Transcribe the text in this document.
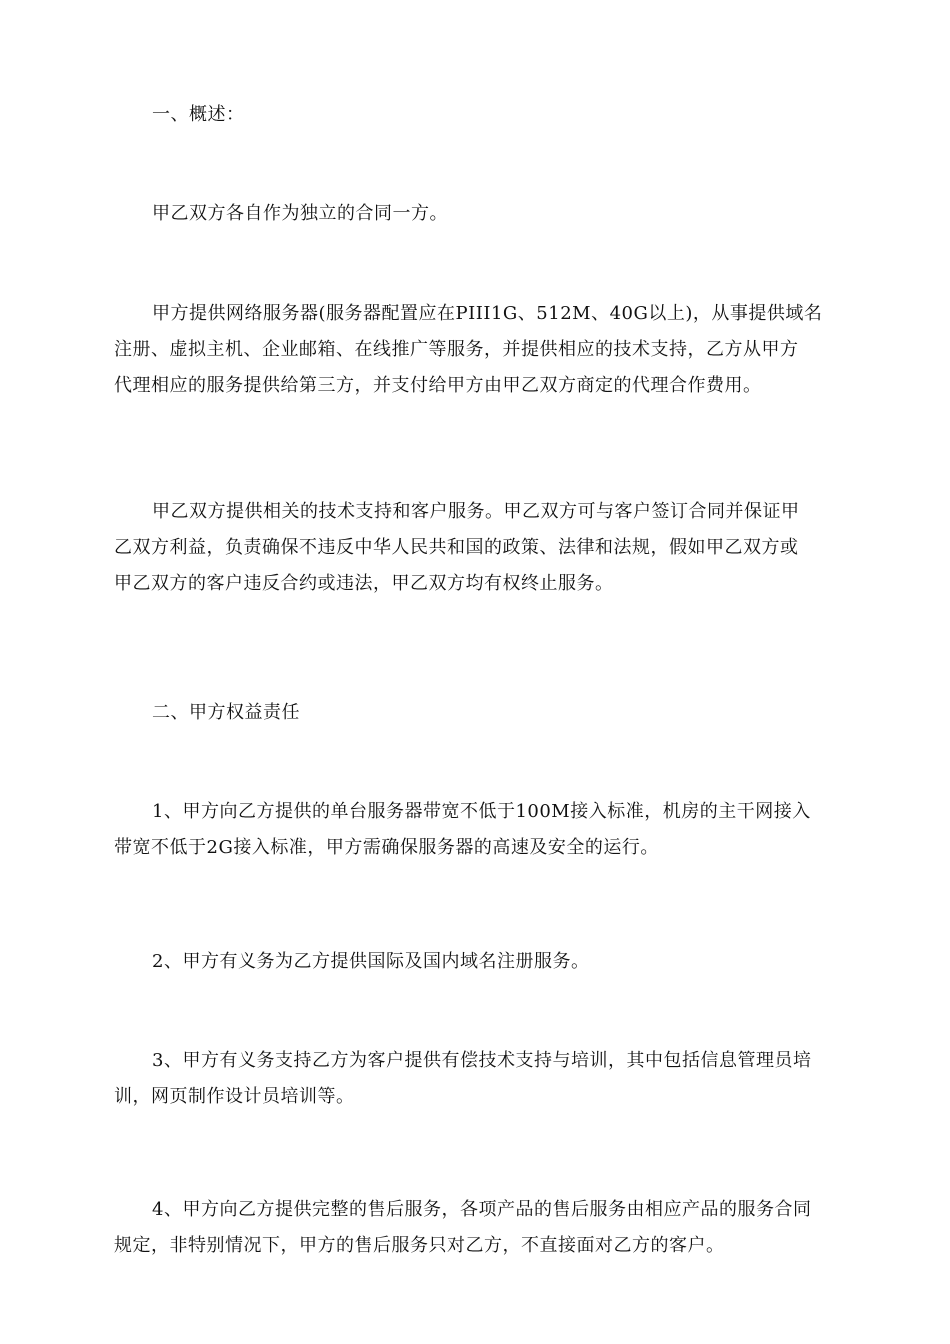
一、概述：
甲乙双方各自作为独立的合同一方。
甲方提供网络服务器(服务器配置应在PIII1G、512M、40G以上)，从事提供域名
注册、虚拟主机、企业邮箱、在线推广等服务，并提供相应的技术支持，乙方从甲方
代理相应的服务提供给第三方，并支付给甲方由甲乙双方商定的代理合作费用。
甲乙双方提供相关的技术支持和客户服务。甲乙双方可与客户签订合同并保证甲
乙双方利益，负责确保不违反中华人民共和国的政策、法律和法规，假如甲乙双方或
甲乙双方的客户违反合约或违法，甲乙双方均有权终止服务。
二、甲方权益责任
1、甲方向乙方提供的单台服务器带宽不低于100M接入标准，机房的主干网接入
带宽不低于2G接入标准，甲方需确保服务器的高速及安全的运行。
2、甲方有义务为乙方提供国际及国内域名注册服务。
3、甲方有义务支持乙方为客户提供有偿技术支持与培训，其中包括信息管理员培
训，网页制作设计员培训等。
4、甲方向乙方提供完整的售后服务，各项产品的售后服务由相应产品的服务合同
规定，非特别情况下，甲方的售后服务只对乙方，不直接面对乙方的客户。
